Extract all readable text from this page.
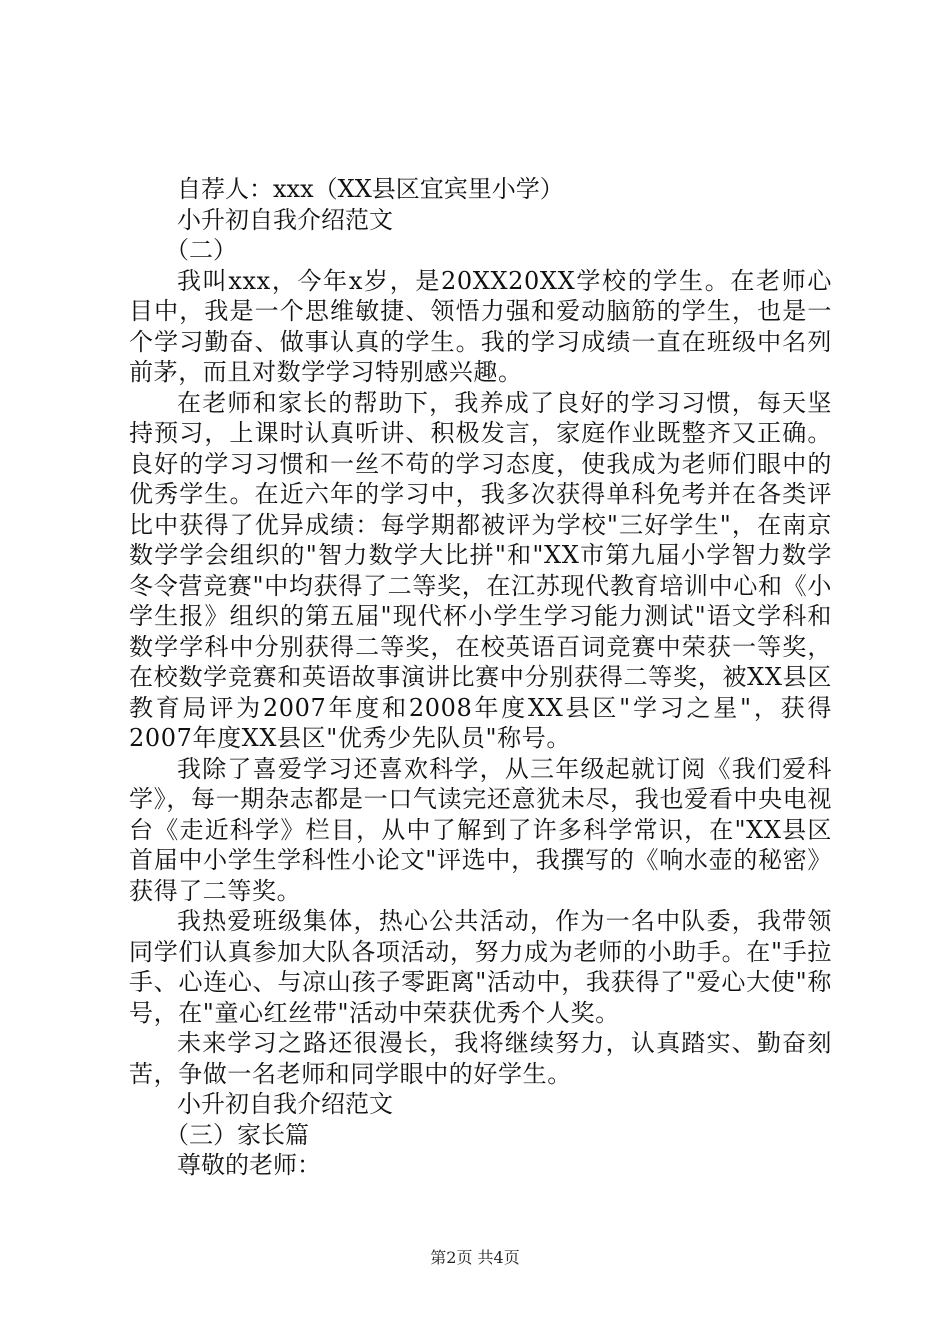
自荐人：xxx（XX县区宜宾里小学）
小升初自我介绍范文
（二）

我叫xxx，今年x岁，是20XX20XX学校的学生。在老师心目中，我是一个思维敏捷、领悟力强和爱动脑筋的学生，也是一个学习勤奋、做事认真的学生。我的学习成绩一直在班级中名列前茅，而且对数学学习特别感兴趣。

在老师和家长的帮助下，我养成了良好的学习习惯，每天坚持预习，上课时认真听讲、积极发言，家庭作业既整齐又正确。良好的学习习惯和一丝不苟的学习态度，使我成为老师们眼中的优秀学生。在近六年的学习中，我多次获得单科免考并在各类评比中获得了优异成绩：每学期都被评为学校"三好学生"，在南京数学学会组织的"智力数学大比拼"和"XX市第九届小学智力数学冬令营竞赛"中均获得了二等奖，在江苏现代教育培训中心和《小学生报》组织的第五届"现代杯小学生学习能力测试"语文学科和数学学科中分别获得二等奖，在校英语百词竞赛中荣获一等奖，在校数学竞赛和英语故事演讲比赛中分别获得二等奖，被XX县区教育局评为2007年度和2008年度XX县区"学习之星"，获得2007年度XX县区"优秀少先队员"称号。

我除了喜爱学习还喜欢科学，从三年级起就订阅《我们爱科学》，每一期杂志都是一口气读完还意犹未尽，我也爱看中央电视台《走近科学》栏目，从中了解到了许多科学常识，在"XX县区首届中小学生学科性小论文"评选中，我撰写的《响水壶的秘密》获得了二等奖。

我热爱班级集体，热心公共活动，作为一名中队委，我带领同学们认真参加大队各项活动，努力成为老师的小助手。在"手拉手、心连心、与凉山孩子零距离"活动中，我获得了"爱心大使"称号，在"童心红丝带"活动中荣获优秀个人奖。

未来学习之路还很漫长，我将继续努力，认真踏实、勤奋刻苦，争做一名老师和同学眼中的好学生。

小升初自我介绍范文
（三）家长篇
尊敬的老师：
第2页 共4页
